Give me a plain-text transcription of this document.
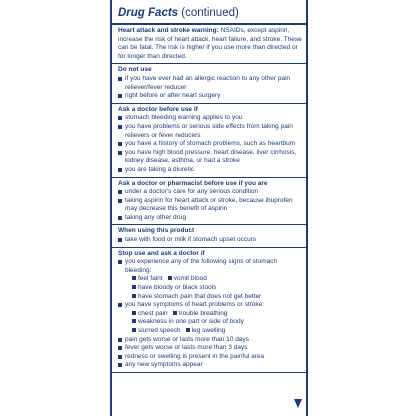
Drug Facts (continued)

Heart attack and stroke warning: NSAIDs, except aspirin, increase the risk of heart attack, heart failure, and stroke. These can be fatal. The risk is higher if you use more than directed or for longer than directed.

Do not use
if you have ever had an allergic reaction to any other pain reliever/fever reducer
right before or after heart surgery
Ask a doctor before use if
stomach bleeding warning applies to you
you have problems or serious side effects from taking pain relievers or fever reducers
you have a history of stomach problems, such as heartburn
you have high blood pressure, heart disease, liver cirrhosis, kidney disease, asthma, or had a stroke
you are taking a diuretic
Ask a doctor or pharmacist before use if you are
under a doctor's care for any serious condition
taking aspirin for heart attack or stroke, because ibuprofen may decrease this benefit of aspirin
taking any other drug
When using this product
take with food or milk if stomach upset occurs
Stop use and ask a doctor if
you experience any of the following signs of stomach bleeding:
feel faint vomit blood
have bloody or black stools
have stomach pain that does not get better
you have symptoms of heart problems or stroke:
chest pain trouble breathing
weakness in one part or side of body
slurred speech leg swelling
pain gets worse or lasts more than 10 days
fever gets worse or lasts more than 3 days
redness or swelling is present in the painful area
any new symptoms appear
